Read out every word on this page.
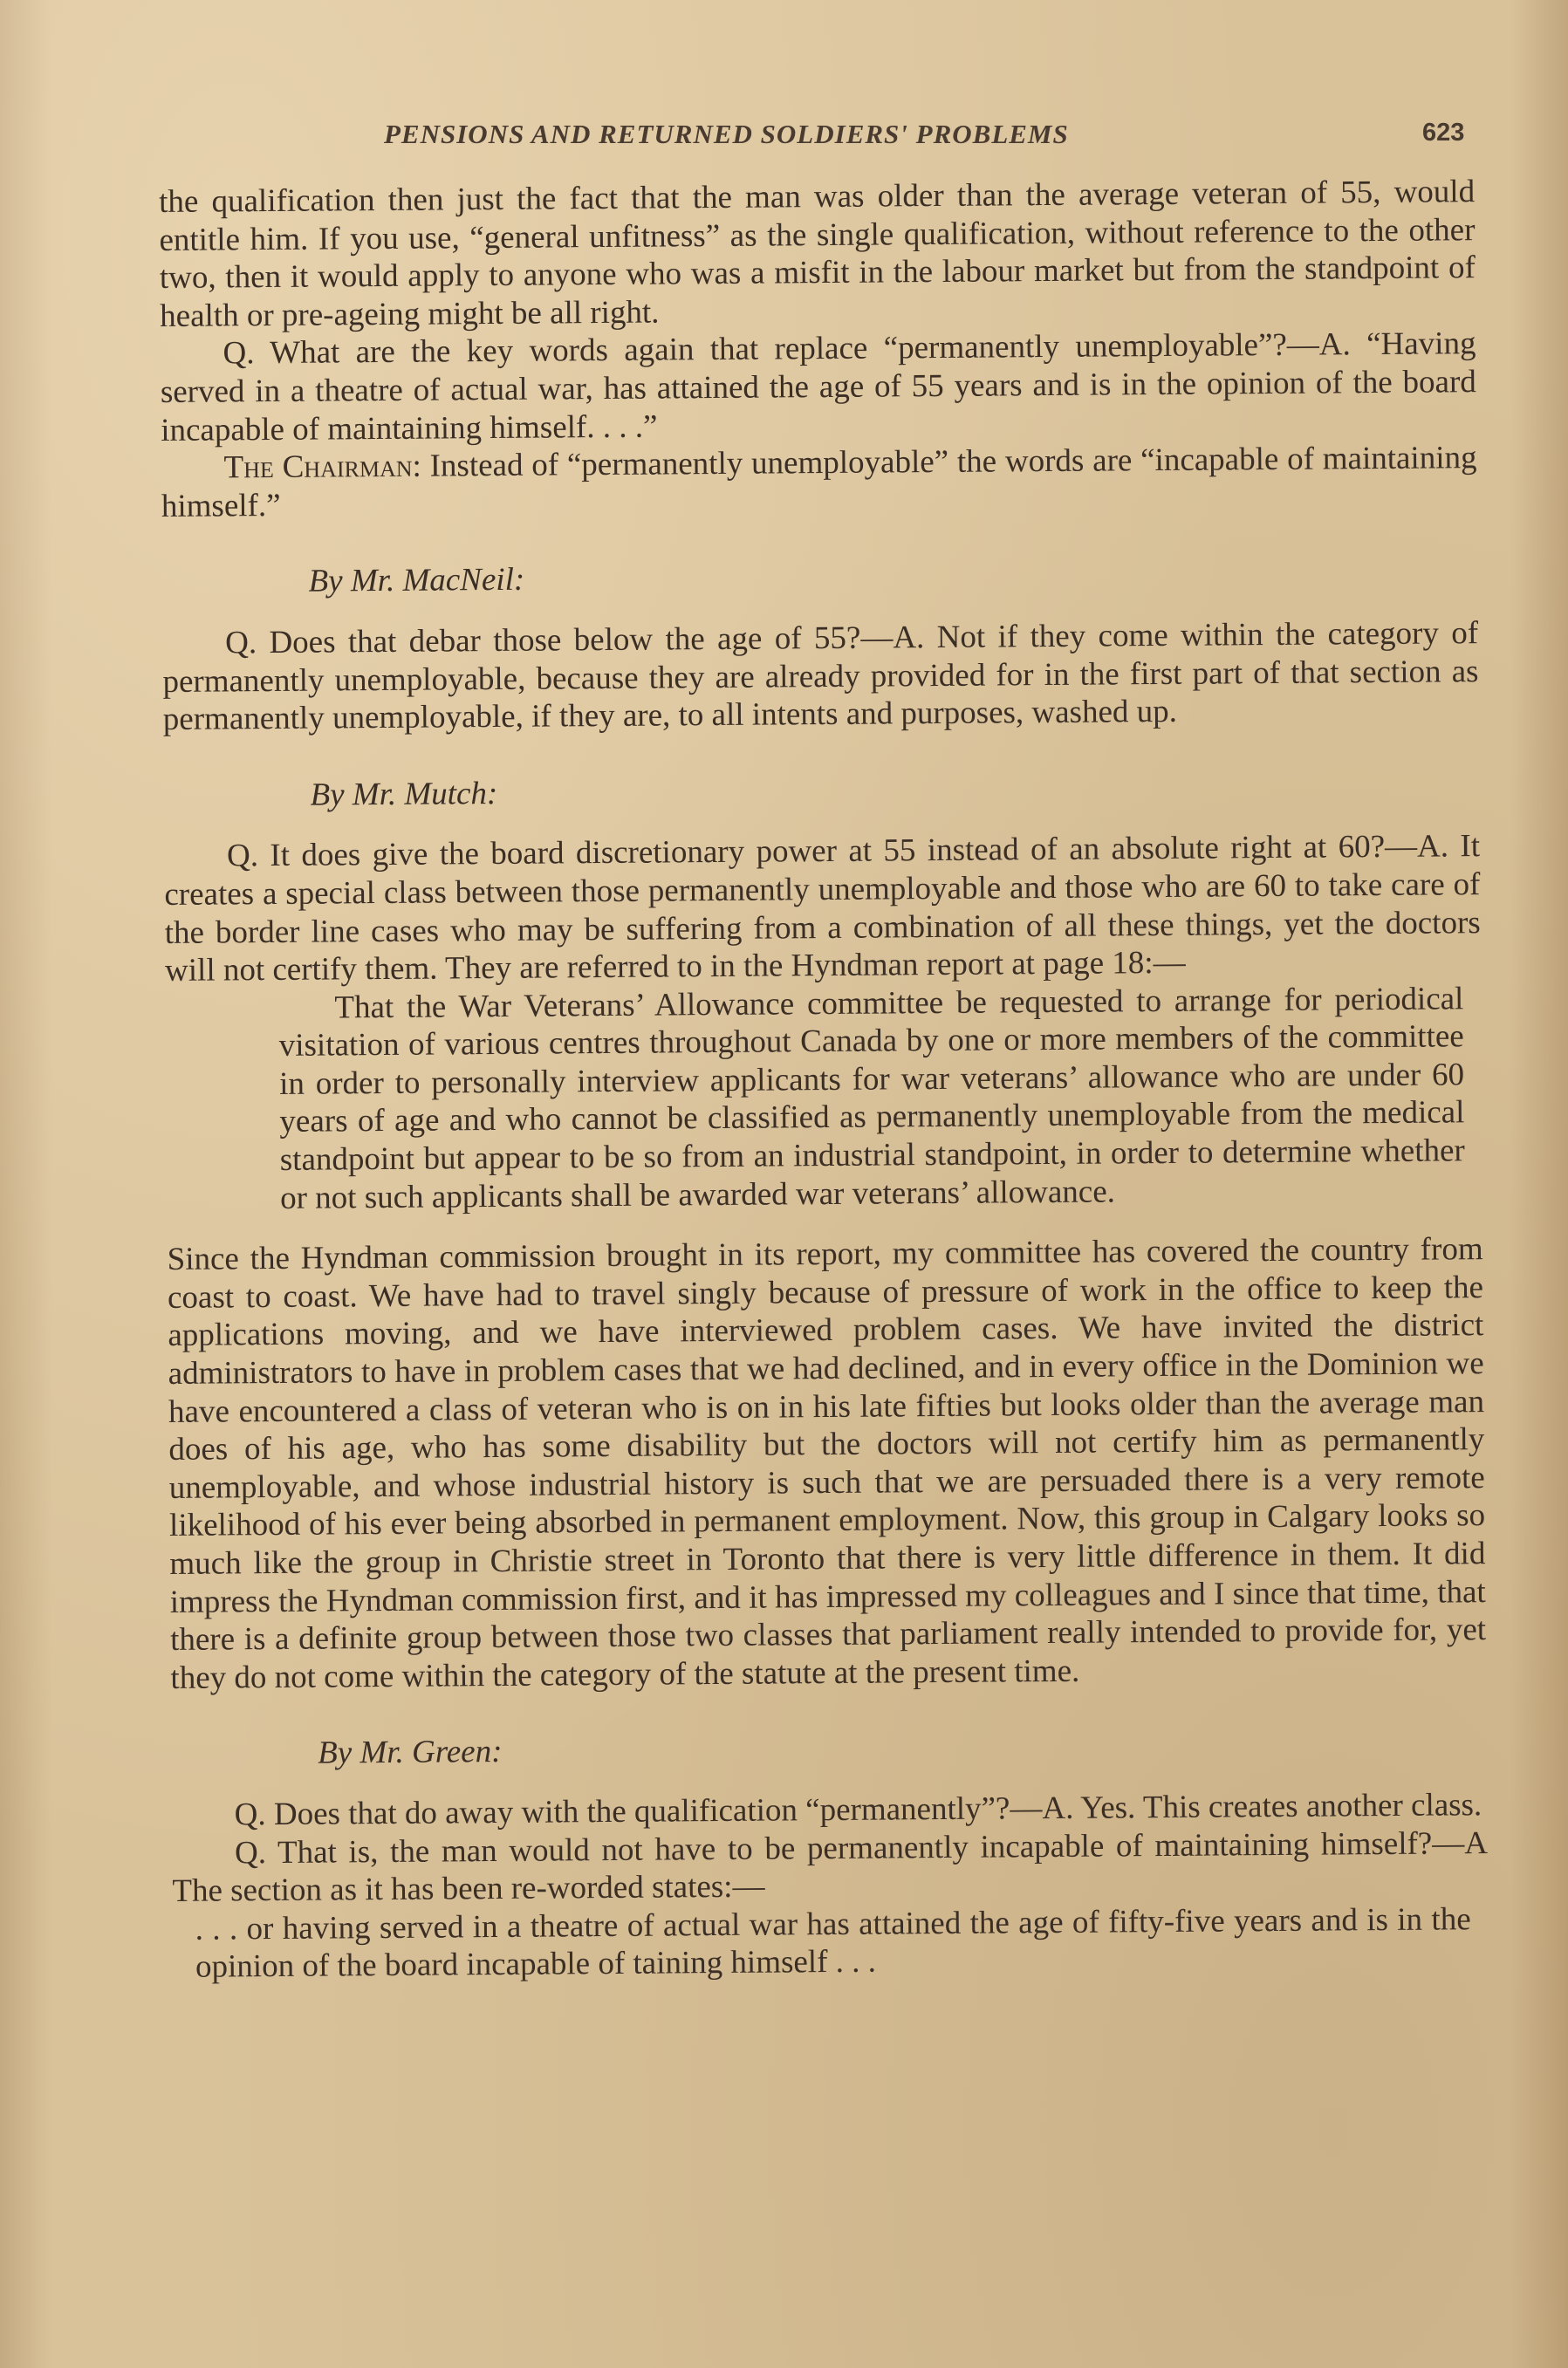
PENSIONS AND RETURNED SOLDIERS' PROBLEMS	623

the qualification then just the fact that the man was older than the average veteran of 55, would entitle him. If you use, “general unfitness” as the single qualification, without reference to the other two, then it would apply to anyone who was a misfit in the labour market but from the standpoint of health or pre-ageing might be all right.

Q. What are the key words again that replace “permanently unemployable”?—A. “Having served in a theatre of actual war, has attained the age of 55 years and is in the opinion of the board incapable of maintaining himself. . . .”

The Chairman: Instead of “permanently unemployable” the words are “incapable of maintaining himself.”

By Mr. MacNeil:

Q. Does that debar those below the age of 55?—A. Not if they come within the category of permanently unemployable, because they are already provided for in the first part of that section as permanently unemployable, if they are, to all intents and purposes, washed up.

By Mr. Mutch:

Q. It does give the board discretionary power at 55 instead of an absolute right at 60?—A. It creates a special class between those permanently unemployable and those who are 60 to take care of the border line cases who may be suffering from a combination of all these things, yet the doctors will not certify them. They are referred to in the Hyndman report at page 18:—

That the War Veterans’ Allowance committee be requested to arrange for periodical visitation of various centres throughout Canada by one or more members of the committee in order to personally interview applicants for war veterans’ allowance who are under 60 years of age and who cannot be classified as permanently unemployable from the medical standpoint but appear to be so from an industrial standpoint, in order to determine whether or not such applicants shall be awarded war veterans’ allowance.

Since the Hyndman commission brought in its report, my committee has covered the country from coast to coast. We have had to travel singly because of pressure of work in the office to keep the applications moving, and we have interviewed problem cases. We have invited the district administrators to have in problem cases that we had declined, and in every office in the Dominion we have encountered a class of veteran who is on in his late fifties but looks older than the average man does of his age, who has some disability but the doctors will not certify him as permanently unemployable, and whose industrial history is such that we are persuaded there is a very remote likelihood of his ever being absorbed in permanent employment. Now, this group in Calgary looks so much like the group in Christie street in Toronto that there is very little difference in them. It did impress the Hyndman commission first, and it has impressed my colleagues and I since that time, that there is a definite group between those two classes that parliament really intended to provide for, yet they do not come within the category of the statute at the present time.

By Mr. Green:

Q. Does that do away with the qualification “permanently”?—A. Yes. This creates another class.

Q. That is, the man would not have to be permanently incapable of maintaining himself?—A The section as it has been re-worded states:—

. . . or having served in a theatre of actual war has attained the age of fifty-five years and is in the opinion of the board incapable of taining himself . . .
